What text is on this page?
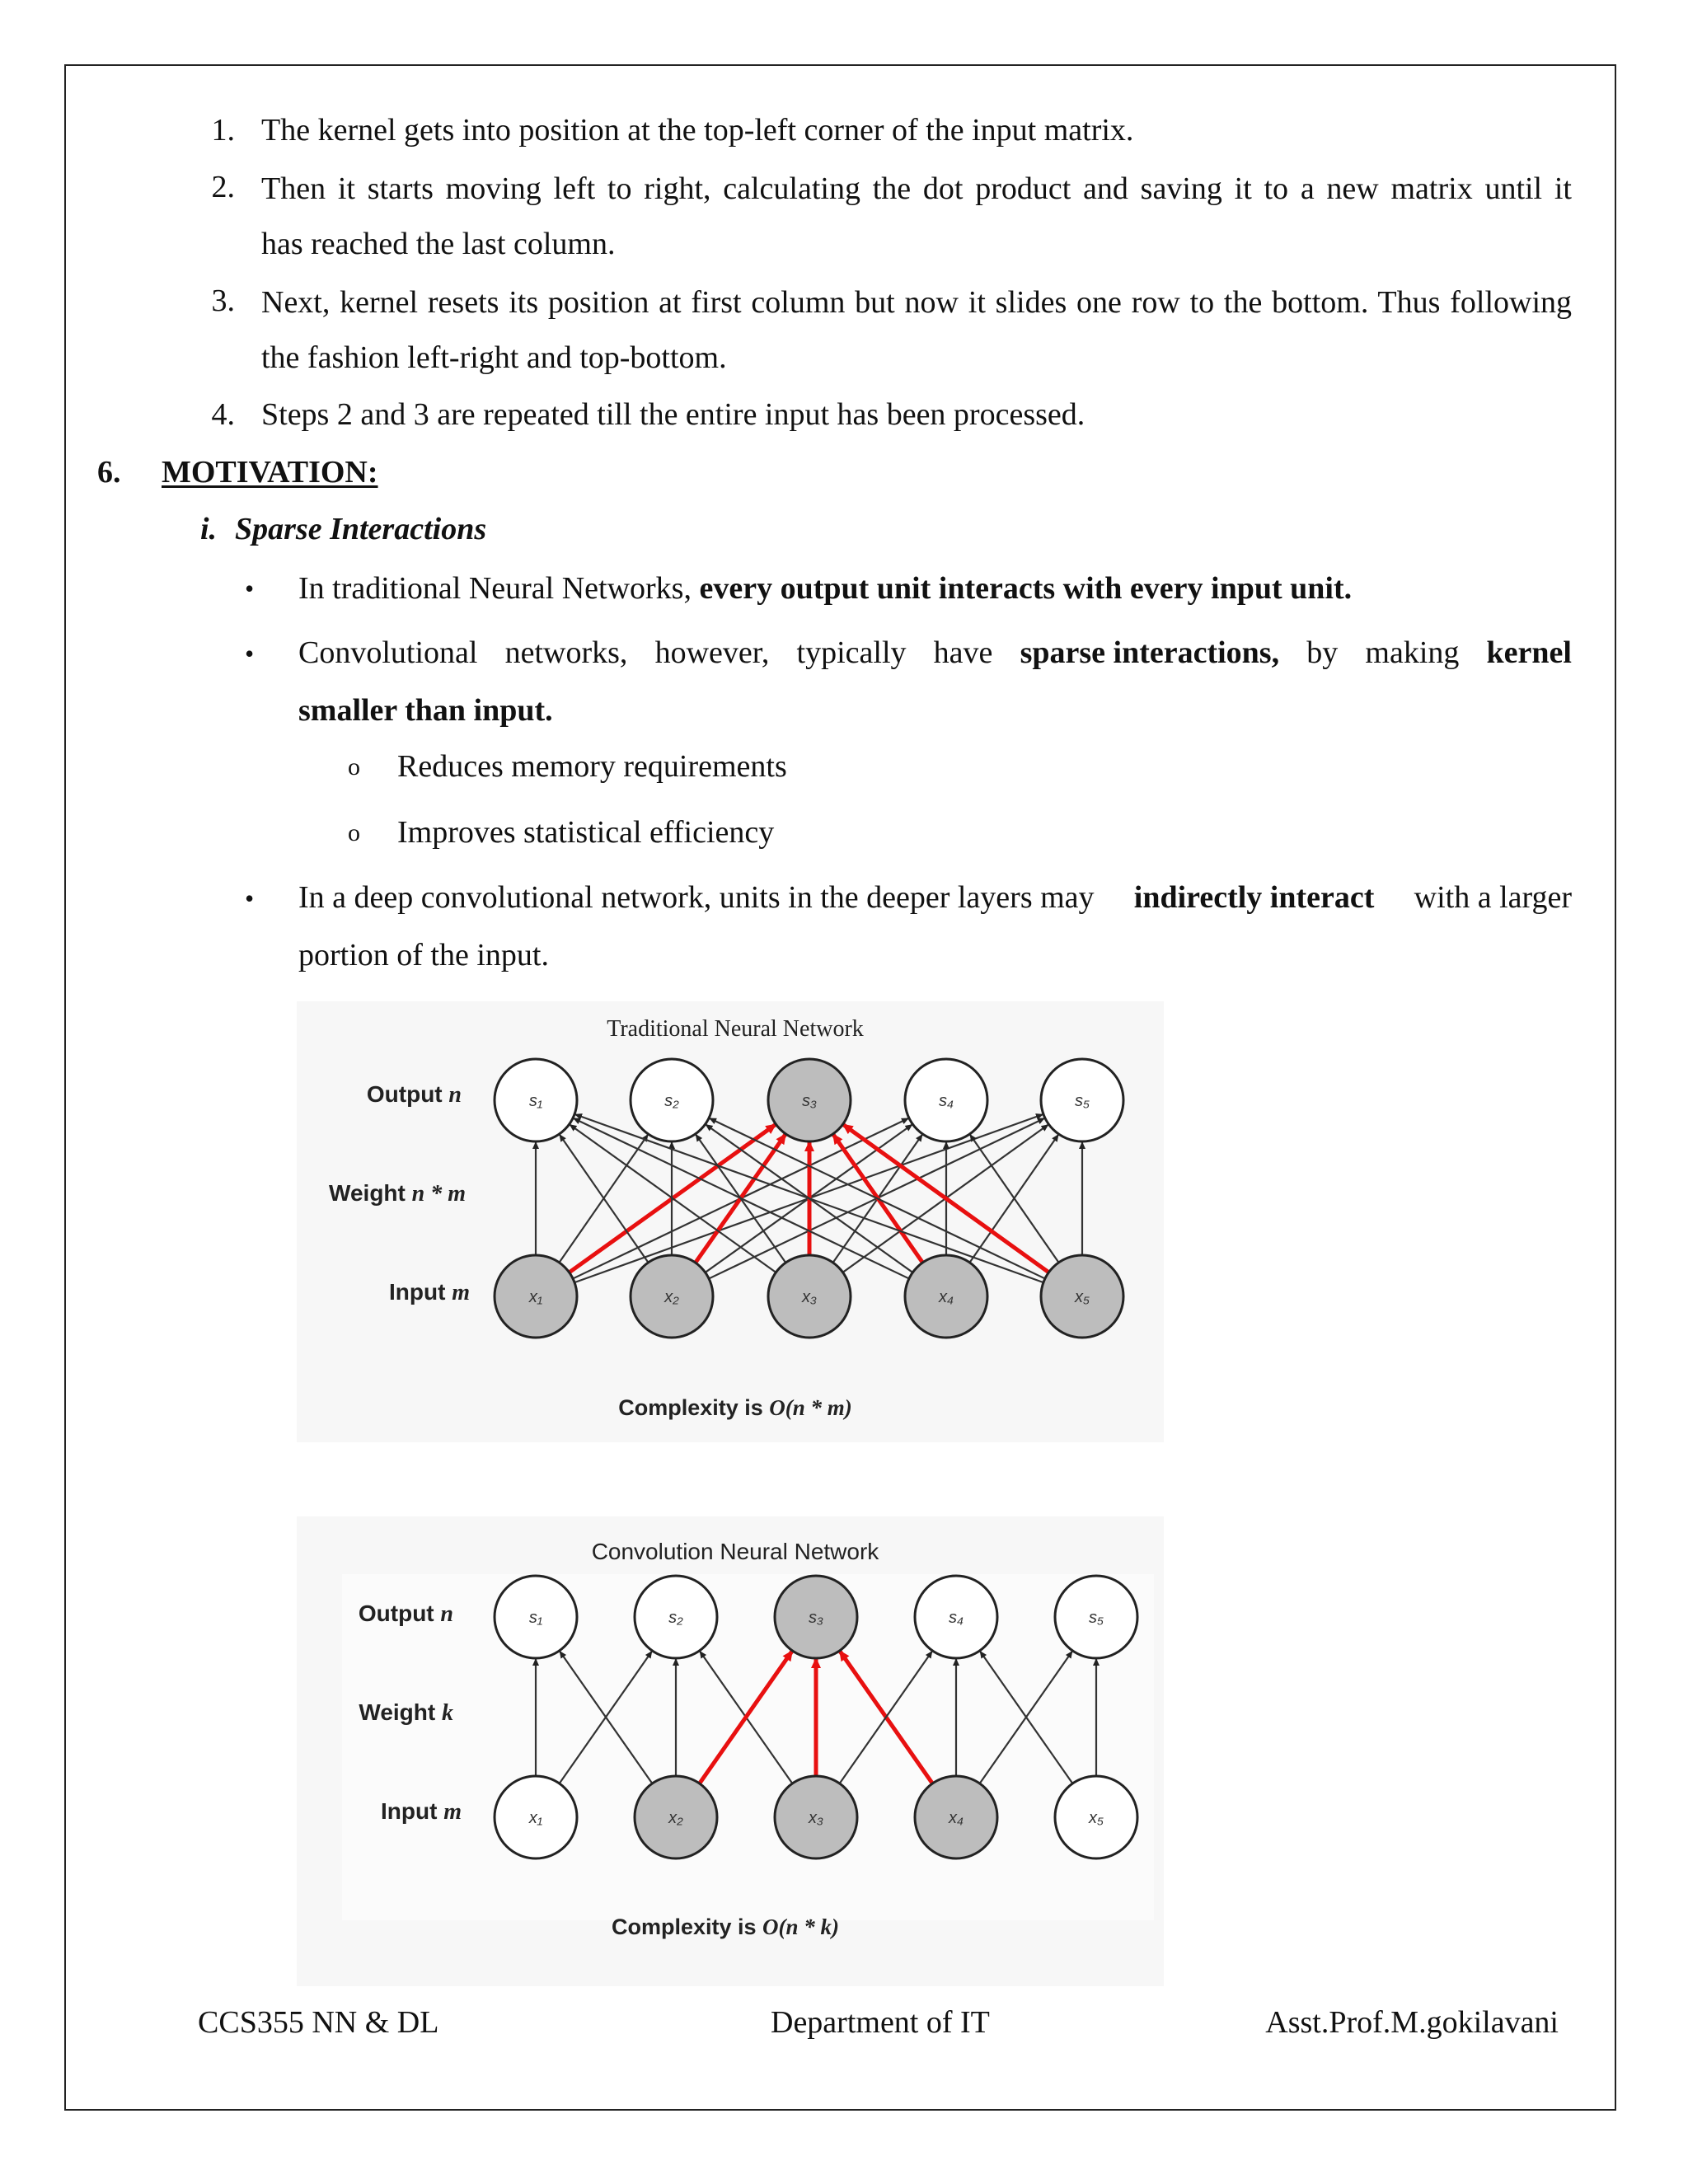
1. The kernel gets into position at the top-left corner of the input matrix.
2. Then it starts moving left to right, calculating the dot product and saving it to a new matrix until it
has reached the last column.
3. Next, kernel resets its position at first column but now it slides one row to the bottom. Thus following
the fashion left-right and top-bottom.
4. Steps 2 and 3 are repeated till the entire input has been processed.
6. MOTIVATION:
i. Sparse Interactions
• In traditional Neural Networks, every output unit interacts with every input unit.
• Convolutional networks, however, typically have sparse interactions, by making kernel
smaller than input.
o Reduces memory requirements
o Improves statistical efficiency
• In a deep convolutional network, units in the deeper layers may indirectly interact with a larger
portion of the input.
Traditional Neural Network
Output n
Weight n * m
Input m
s₁	s₂	s₃	s₄	s₅
x₁	x₂	x₃	x₄	x₅
Complexity is O(n * m)
Convolution Neural Network
Output n
Weight k
Input m
s₁	s₂	s₃	s₄	s₅
x₁	x₂	x₃	x₄	x₅
Complexity is O(n * k)
CCS355 NN & DL	Department of IT	Asst.Prof.M.gokilavani
